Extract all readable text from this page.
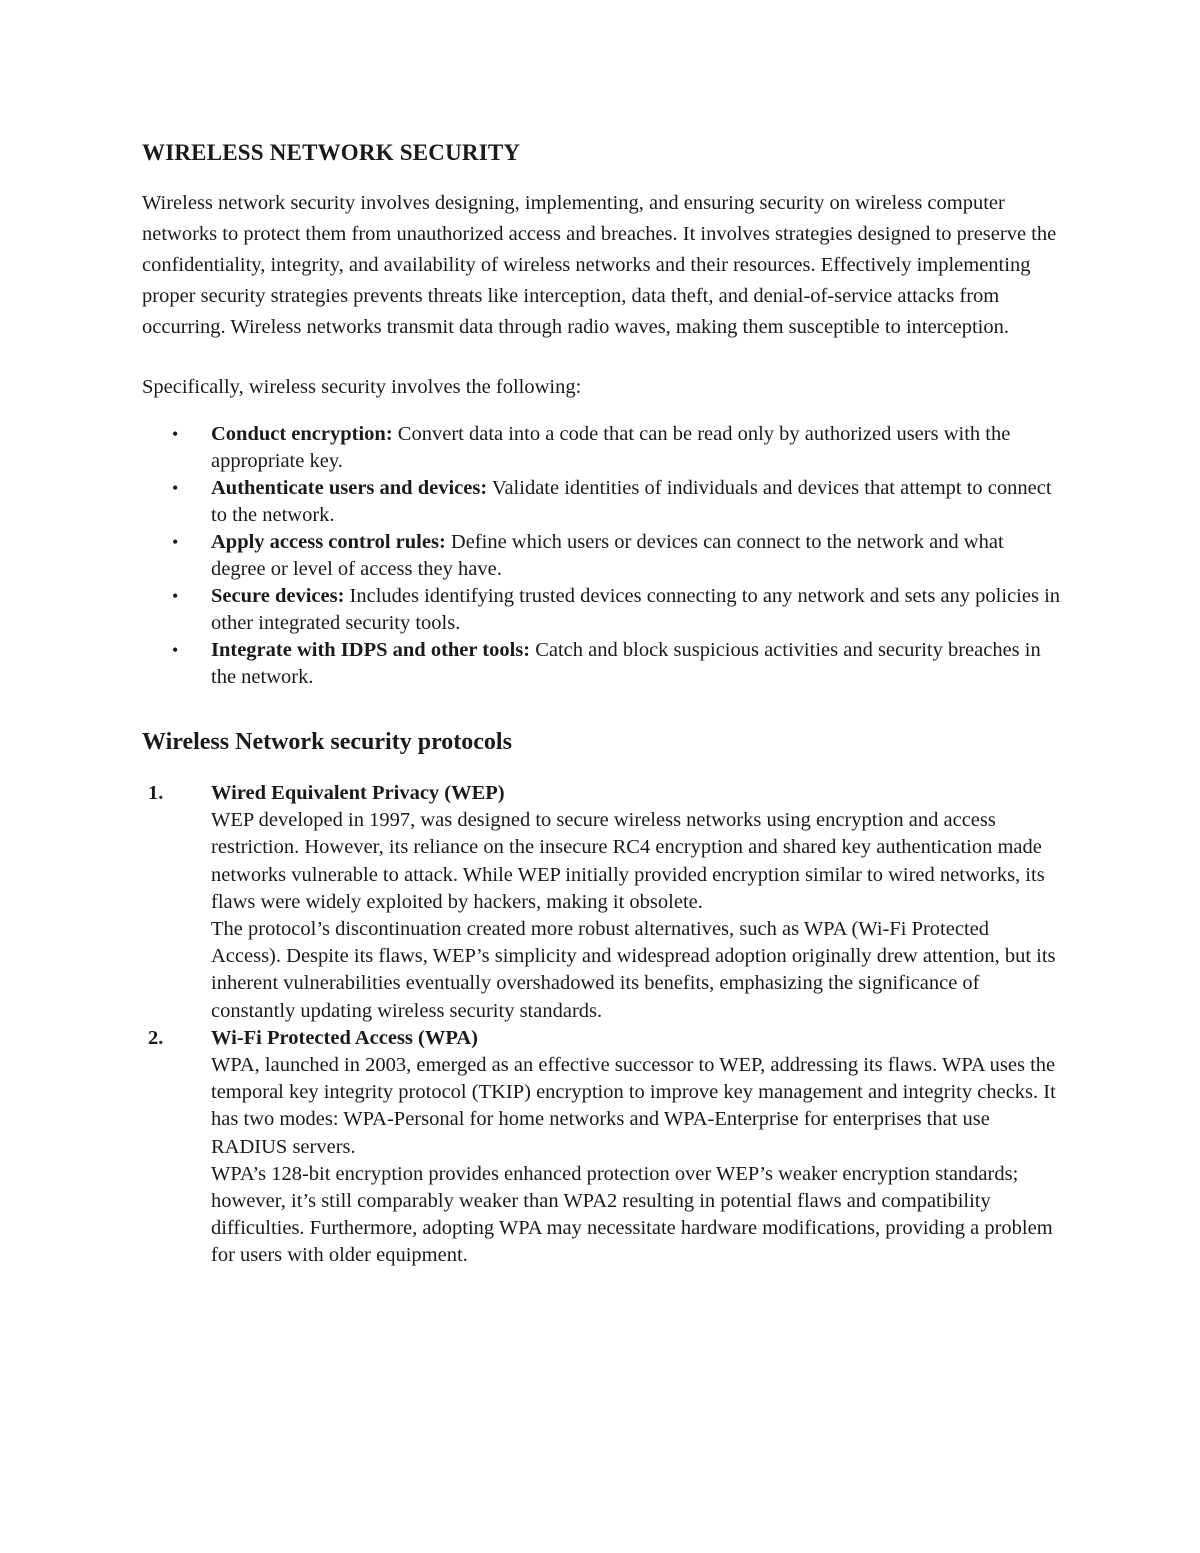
WIRELESS NETWORK SECURITY

Wireless network security involves designing, implementing, and ensuring security on wireless computer networks to protect them from unauthorized access and breaches. It involves strategies designed to preserve the confidentiality, integrity, and availability of wireless networks and their resources. Effectively implementing proper security strategies prevents threats like interception, data theft, and denial-of-service attacks from occurring. Wireless networks transmit data through radio waves, making them susceptible to interception.

Specifically, wireless security involves the following:

• Conduct encryption: Convert data into a code that can be read only by authorized users with the appropriate key.
• Authenticate users and devices: Validate identities of individuals and devices that attempt to connect to the network.
• Apply access control rules: Define which users or devices can connect to the network and what degree or level of access they have.
• Secure devices: Includes identifying trusted devices connecting to any network and sets any policies in other integrated security tools.
• Integrate with IDPS and other tools: Catch and block suspicious activities and security breaches in the network.
Wireless Network security protocols
1. Wired Equivalent Privacy (WEP)
WEP developed in 1997, was designed to secure wireless networks using encryption and access restriction. However, its reliance on the insecure RC4 encryption and shared key authentication made networks vulnerable to attack. While WEP initially provided encryption similar to wired networks, its flaws were widely exploited by hackers, making it obsolete.
The protocol’s discontinuation created more robust alternatives, such as WPA (Wi-Fi Protected Access). Despite its flaws, WEP’s simplicity and widespread adoption originally drew attention, but its inherent vulnerabilities eventually overshadowed its benefits, emphasizing the significance of constantly updating wireless security standards.
2. Wi-Fi Protected Access (WPA)
WPA, launched in 2003, emerged as an effective successor to WEP, addressing its flaws. WPA uses the temporal key integrity protocol (TKIP) encryption to improve key management and integrity checks. It has two modes: WPA-Personal for home networks and WPA-Enterprise for enterprises that use RADIUS servers.
WPA’s 128-bit encryption provides enhanced protection over WEP’s weaker encryption standards; however, it’s still comparably weaker than WPA2 resulting in potential flaws and compatibility difficulties. Furthermore, adopting WPA may necessitate hardware modifications, providing a problem for users with older equipment.
